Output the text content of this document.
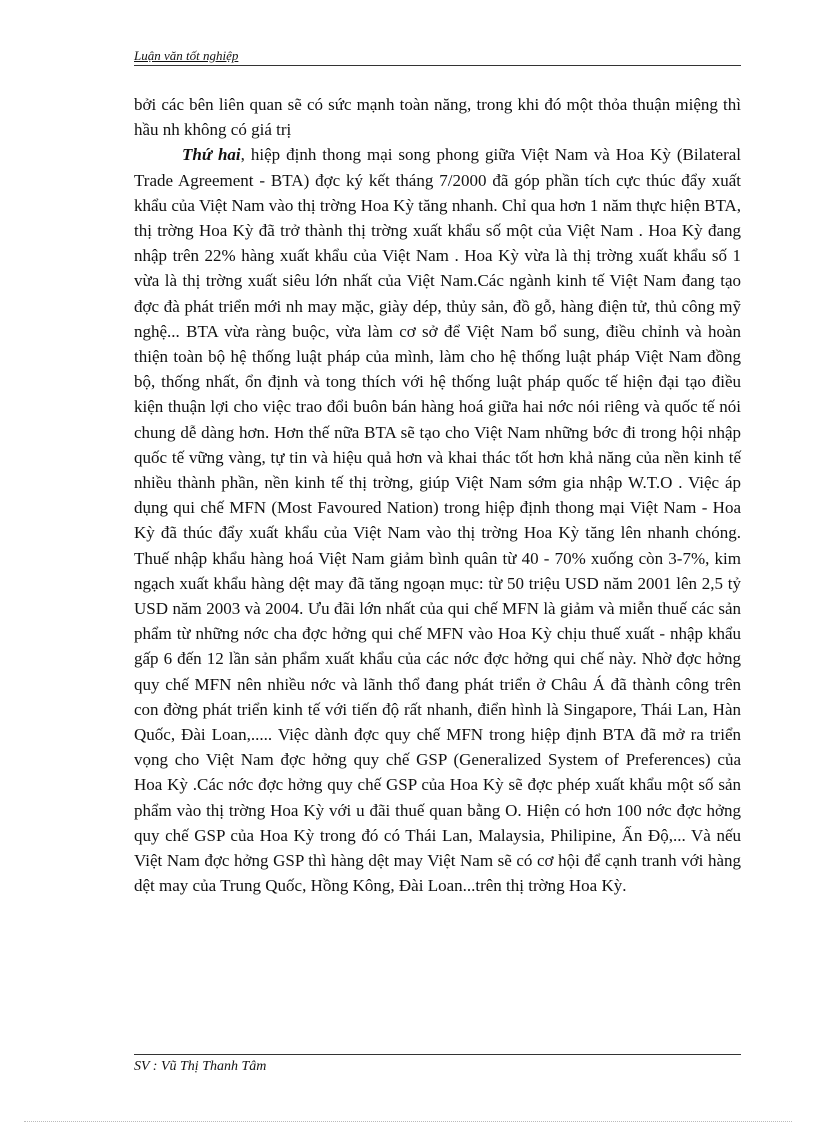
Luận văn tốt nghiệp

bởi các bên liên quan sẽ có sức mạnh toàn năng, trong khi đó một thỏa thuận miệng thì hầu nh không có giá trị

Thứ hai, hiệp định thong mại song phong giữa Việt Nam và Hoa Kỳ (Bilateral Trade Agreement - BTA) đợc ký kết tháng 7/2000 đã góp phần tích cực thúc đẩy xuất khẩu của Việt Nam vào thị trờng Hoa Kỳ tăng nhanh. Chỉ qua hơn 1 năm thực hiện BTA, thị trờng Hoa Kỳ đã trở thành thị trờng xuất khẩu số một của Việt Nam . Hoa Kỳ đang nhập trên 22% hàng xuất khẩu của Việt Nam . Hoa Kỳ vừa là thị trờng xuất khẩu số 1 vừa là thị trờng xuất siêu lớn nhất của Việt Nam.Các ngành kinh tế Việt Nam đang tạo đợc đà phát triển mới nh may mặc, giày dép, thủy sản, đồ gỗ, hàng điện tử, thủ công mỹ nghệ... BTA vừa ràng buộc, vừa làm cơ sở để Việt Nam bổ sung, điều chỉnh và hoàn thiện toàn bộ hệ thống luật pháp của mình, làm cho hệ thống luật pháp Việt Nam đồng bộ, thống nhất, ổn định và tong thích với hệ thống luật pháp quốc tế hiện đại tạo điều kiện thuận lợi cho việc trao đổi buôn bán hàng hoá giữa hai nớc nói riêng và quốc tế nói chung dễ dàng hơn. Hơn thế nữa BTA sẽ tạo cho Việt Nam những bớc đi trong hội nhập quốc tế vững vàng, tự tin và hiệu quả hơn và khai thác tốt hơn khả năng của nền kinh tế nhiều thành phần, nền kinh tế thị trờng, giúp Việt Nam sớm gia nhập W.T.O . Việc áp dụng qui chế MFN (Most Favoured Nation) trong hiệp định thong mại Việt Nam - Hoa Kỳ đã thúc đẩy xuất khẩu của Việt Nam vào thị trờng Hoa Kỳ tăng lên nhanh chóng. Thuế nhập khẩu hàng hoá Việt Nam giảm bình quân từ 40 - 70% xuống còn 3-7%, kim ngạch xuất khẩu hàng dệt may đã tăng ngoạn mục: từ 50 triệu USD năm 2001 lên 2,5 tỷ USD năm 2003 và 2004. Ưu đãi lớn nhất của qui chế MFN là giảm và miễn thuế các sản phẩm từ những nớc cha đợc hởng qui chế MFN vào Hoa Kỳ chịu thuế xuất - nhập khẩu gấp 6 đến 12 lần sản phẩm xuất khẩu của các nớc đợc hởng qui chế này. Nhờ đợc hởng quy chế MFN nên nhiều nớc và lãnh thổ đang phát triển ở Châu Á đã thành công trên con đờng phát triển kinh tế với tiến độ rất nhanh, điển hình là Singapore, Thái Lan, Hàn Quốc, Đài Loan,..... Việc dành đợc quy chế MFN trong hiệp định BTA đã mở ra triển vọng cho Việt Nam đợc hởng quy chế GSP (Generalized System of Preferences) của Hoa Kỳ .Các nớc đợc hởng quy chế GSP của Hoa Kỳ sẽ đợc phép xuất khẩu một số sản phẩm vào thị trờng Hoa Kỳ với u đãi thuế quan bằng O. Hiện có hơn 100 nớc đợc hởng quy chế GSP của Hoa Kỳ trong đó có Thái Lan, Malaysia, Philipine, Ấn Độ,... Và nếu Việt Nam đợc hởng GSP thì hàng dệt may Việt Nam sẽ có cơ hội để cạnh tranh với hàng dệt may của Trung Quốc, Hồng Kông, Đài Loan...trên thị trờng Hoa Kỳ.

SV : Vũ Thị Thanh Tâm
